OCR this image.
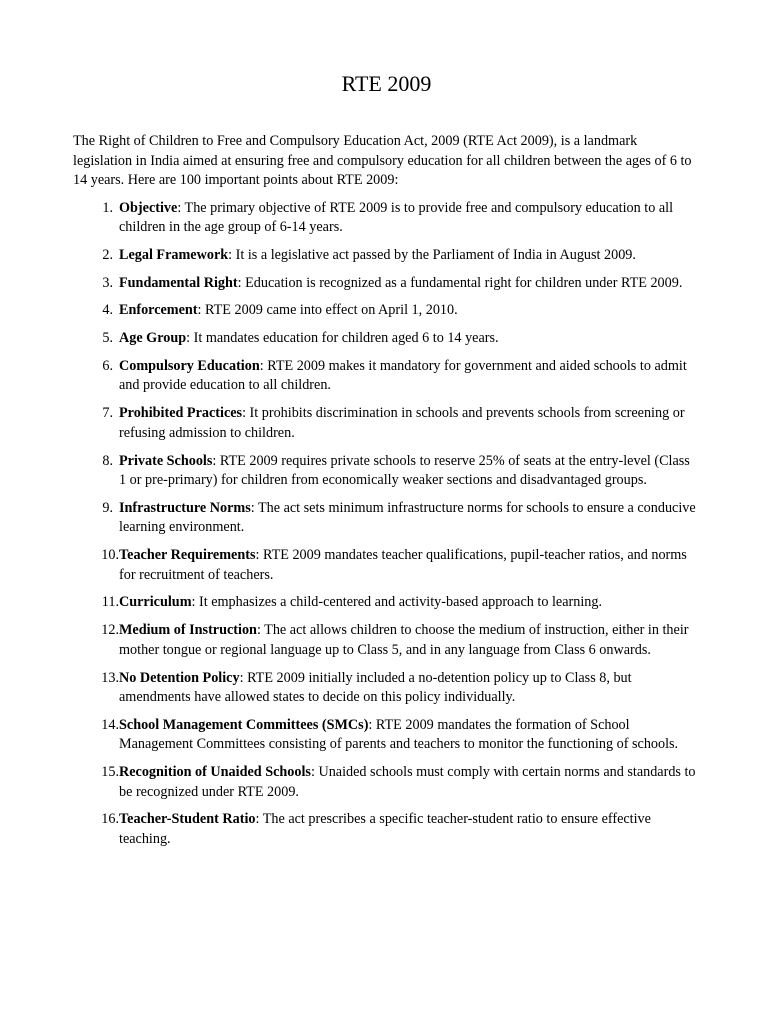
RTE 2009

The Right of Children to Free and Compulsory Education Act, 2009 (RTE Act 2009), is a landmark legislation in India aimed at ensuring free and compulsory education for all children between the ages of 6 to 14 years. Here are 100 important points about RTE 2009:

1. Objective: The primary objective of RTE 2009 is to provide free and compulsory education to all children in the age group of 6-14 years.
2. Legal Framework: It is a legislative act passed by the Parliament of India in August 2009.
3. Fundamental Right: Education is recognized as a fundamental right for children under RTE 2009.
4. Enforcement: RTE 2009 came into effect on April 1, 2010.
5. Age Group: It mandates education for children aged 6 to 14 years.
6. Compulsory Education: RTE 2009 makes it mandatory for government and aided schools to admit and provide education to all children.
7. Prohibited Practices: It prohibits discrimination in schools and prevents schools from screening or refusing admission to children.
8. Private Schools: RTE 2009 requires private schools to reserve 25% of seats at the entry-level (Class 1 or pre-primary) for children from economically weaker sections and disadvantaged groups.
9. Infrastructure Norms: The act sets minimum infrastructure norms for schools to ensure a conducive learning environment.
10. Teacher Requirements: RTE 2009 mandates teacher qualifications, pupil-teacher ratios, and norms for recruitment of teachers.
11. Curriculum: It emphasizes a child-centered and activity-based approach to learning.
12. Medium of Instruction: The act allows children to choose the medium of instruction, either in their mother tongue or regional language up to Class 5, and in any language from Class 6 onwards.
13. No Detention Policy: RTE 2009 initially included a no-detention policy up to Class 8, but amendments have allowed states to decide on this policy individually.
14. School Management Committees (SMCs): RTE 2009 mandates the formation of School Management Committees consisting of parents and teachers to monitor the functioning of schools.
15. Recognition of Unaided Schools: Unaided schools must comply with certain norms and standards to be recognized under RTE 2009.
16. Teacher-Student Ratio: The act prescribes a specific teacher-student ratio to ensure effective teaching.
